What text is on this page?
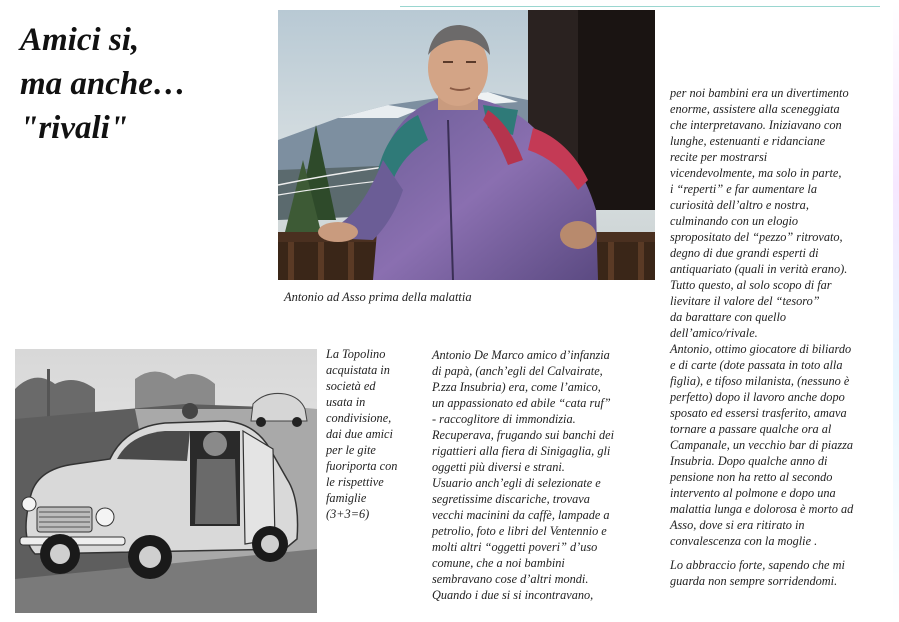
Amici si,
ma anche…
"rivali"
Antonio ad Asso prima della malattia
La Topolino
acquistata in
società ed
usata in
condivisione,
dai due amici
per le gite
fuoriporta con
le rispettive
famiglie
(3+3=6)
Antonio De Marco amico d’infanzia
di papà, (anch’egli del Calvairate,
P.zza Insubria) era, come l’amico,
un appassionato ed abile “cata ruf”
- raccoglitore di immondizia.
Recuperava, frugando sui banchi dei
rigattieri alla fiera di Sinigaglia, gli
oggetti più diversi e strani.
Usuario anch’egli di selezionate e
segretissime discariche, trovava
vecchi macinini da caffè, lampade a
petrolio, foto e libri del Ventennio e
molti altri “oggetti poveri” d’uso
comune, che a noi bambini
sembravano cose d’altri mondi.
Quando i due si si incontravano,
per noi bambini era un divertimento
enorme, assistere alla sceneggiata
che interpretavano. Iniziavano con
lunghe, estenuanti e ridanciane
recite per mostrarsi
vicendevolmente, ma solo in parte,
i “reperti” e far aumentare la
curiosità dell’altro e nostra,
culminando con un elogio
spropositato del “pezzo” ritrovato,
degno di due grandi esperti di
antiquariato (quali in verità erano).
Tutto questo, al solo scopo di far
lievitare il valore del “tesoro”
da barattare con quello
dell’amico/rivale.
Antonio, ottimo giocatore di biliardo
e di carte (dote passata in toto alla
figlia), e tifoso milanista, (nessuno è
perfetto) dopo il lavoro anche dopo
sposato ed essersi trasferito, amava
tornare a passare qualche ora al
Campanale, un vecchio bar di piazza
Insubria. Dopo qualche anno di
pensione non ha retto al secondo
intervento al polmone e dopo una
malattia lunga e dolorosa è morto ad
Asso, dove si era ritirato in
convalescenza con la moglie .
Lo abbraccio forte, sapendo che mi
guarda non sempre sorridendomi.
